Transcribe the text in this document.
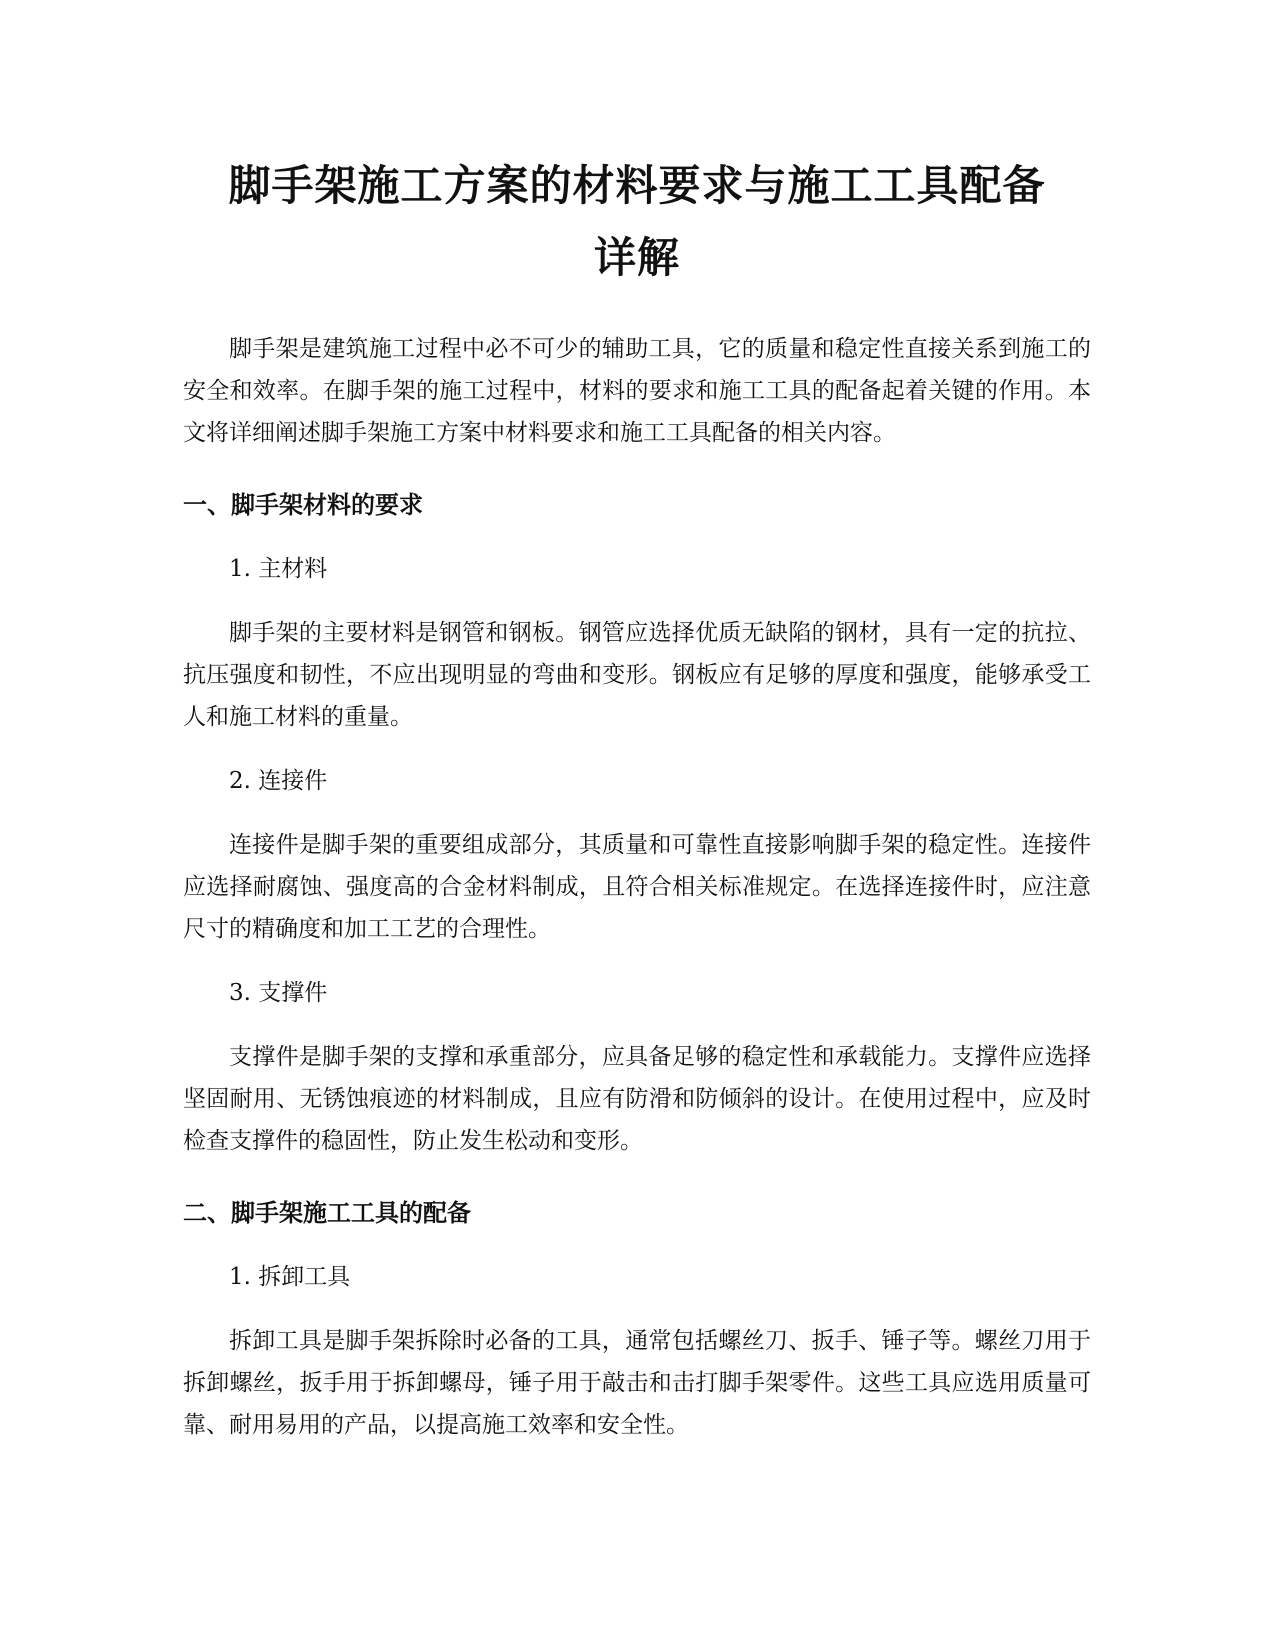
脚手架施工方案的材料要求与施工工具配备
详解

脚手架是建筑施工过程中必不可少的辅助工具，它的质量和稳定性直接关系到施工的安全和效率。在脚手架的施工过程中，材料的要求和施工工具的配备起着关键的作用。本文将详细阐述脚手架施工方案中材料要求和施工工具配备的相关内容。

一、脚手架材料的要求

1. 主材料

脚手架的主要材料是钢管和钢板。钢管应选择优质无缺陷的钢材，具有一定的抗拉、抗压强度和韧性，不应出现明显的弯曲和变形。钢板应有足够的厚度和强度，能够承受工人和施工材料的重量。

2. 连接件

连接件是脚手架的重要组成部分，其质量和可靠性直接影响脚手架的稳定性。连接件应选择耐腐蚀、强度高的合金材料制成，且符合相关标准规定。在选择连接件时，应注意尺寸的精确度和加工工艺的合理性。

3. 支撑件

支撑件是脚手架的支撑和承重部分，应具备足够的稳定性和承载能力。支撑件应选择坚固耐用、无锈蚀痕迹的材料制成，且应有防滑和防倾斜的设计。在使用过程中，应及时检查支撑件的稳固性，防止发生松动和变形。

二、脚手架施工工具的配备

1. 拆卸工具

拆卸工具是脚手架拆除时必备的工具，通常包括螺丝刀、扳手、锤子等。螺丝刀用于拆卸螺丝，扳手用于拆卸螺母，锤子用于敲击和击打脚手架零件。这些工具应选用质量可靠、耐用易用的产品，以提高施工效率和安全性。
